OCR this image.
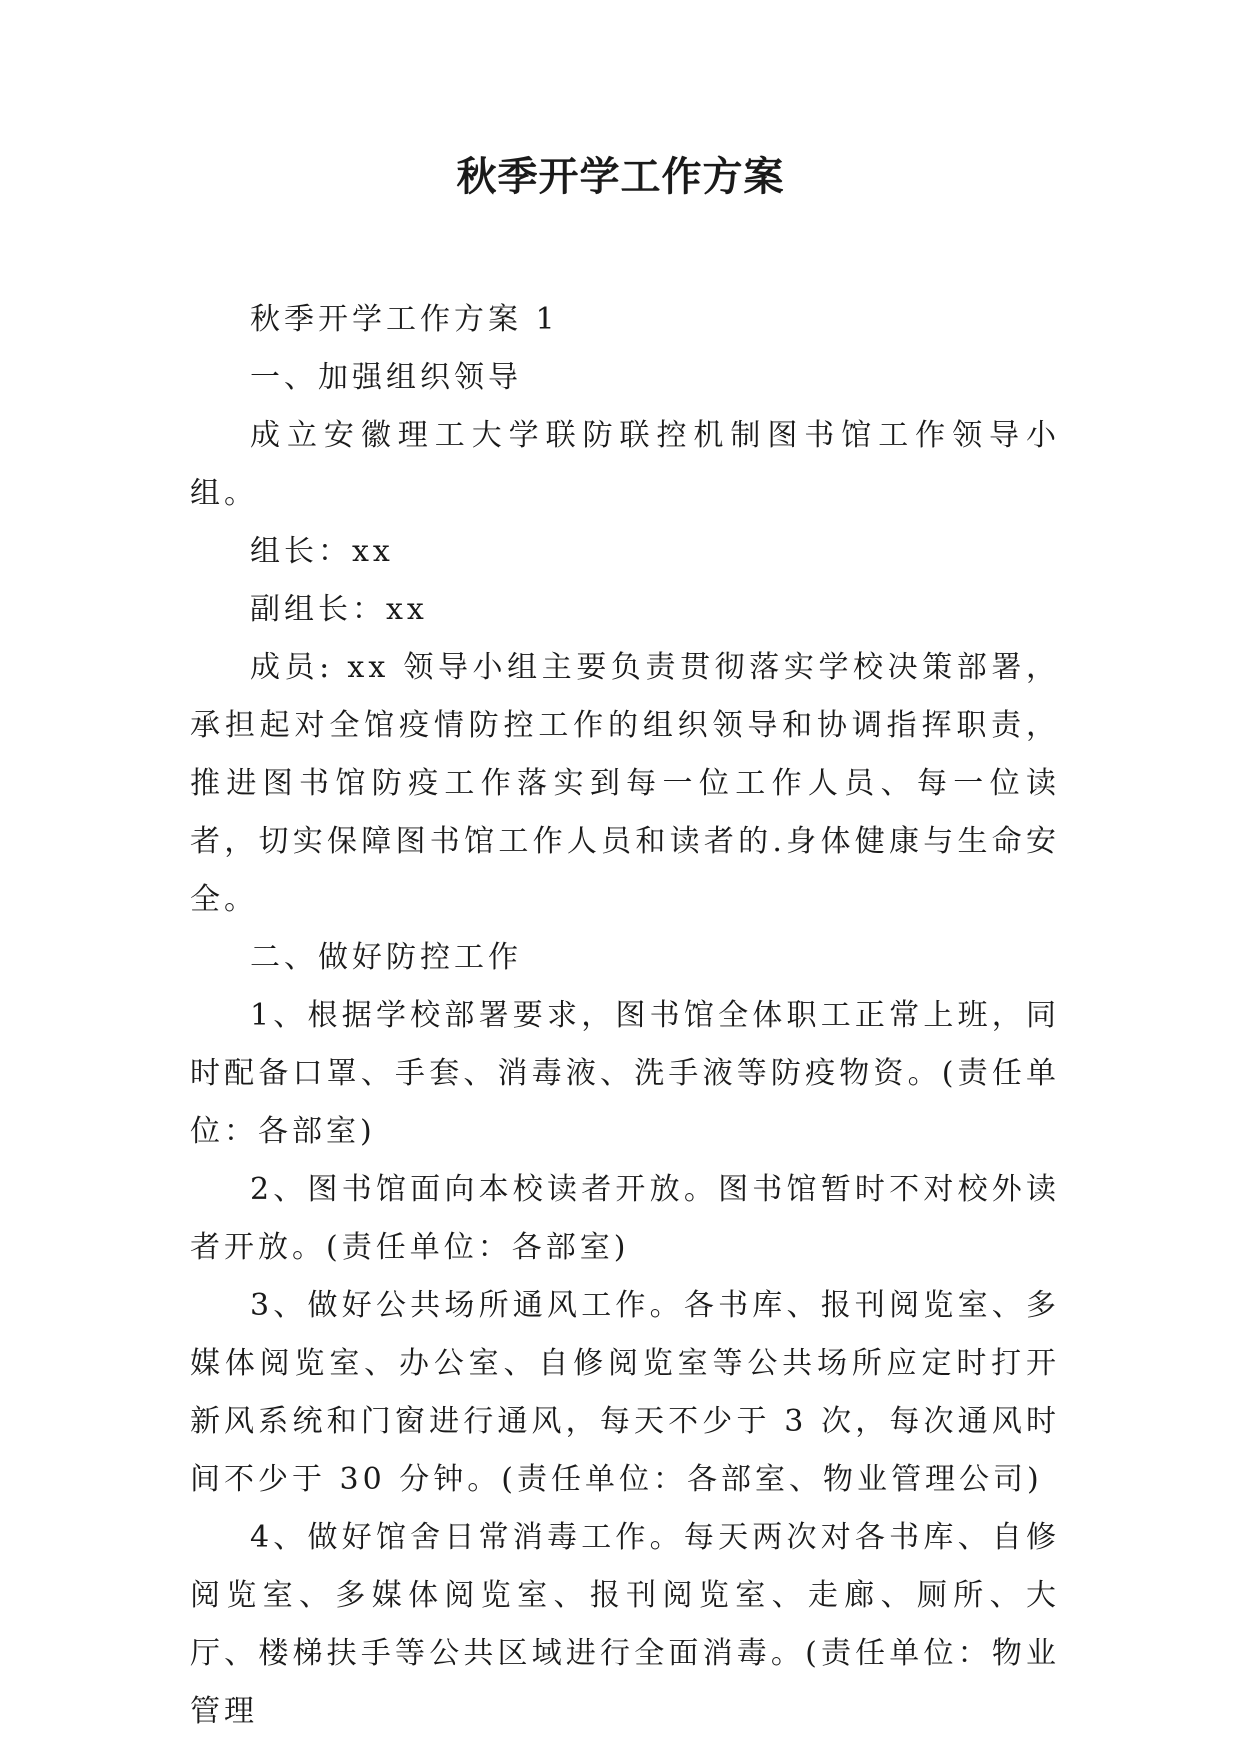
秋季开学工作方案

秋季开学工作方案 1

一、加强组织领导

成立安徽理工大学联防联控机制图书馆工作领导小组。

组长：xx

副组长：xx

成员: xx 领导小组主要负责贯彻落实学校决策部署，承担起对全馆疫情防控工作的组织领导和协调指挥职责，推进图书馆防疫工作落实到每一位工作人员、每一位读者，切实保障图书馆工作人员和读者的.身体健康与生命安全。

二、做好防控工作

1、根据学校部署要求，图书馆全体职工正常上班，同时配备口罩、手套、消毒液、洗手液等防疫物资。(责任单位：各部室)

2、图书馆面向本校读者开放。图书馆暂时不对校外读者开放。(责任单位：各部室)

3、做好公共场所通风工作。各书库、报刊阅览室、多媒体阅览室、办公室、自修阅览室等公共场所应定时打开新风系统和门窗进行通风，每天不少于 3 次，每次通风时间不少于 30 分钟。(责任单位：各部室、物业管理公司)

4、做好馆舍日常消毒工作。每天两次对各书库、自修阅览室、多媒体阅览室、报刊阅览室、走廊、厕所、大厅、楼梯扶手等公共区域进行全面消毒。(责任单位：物业管理
